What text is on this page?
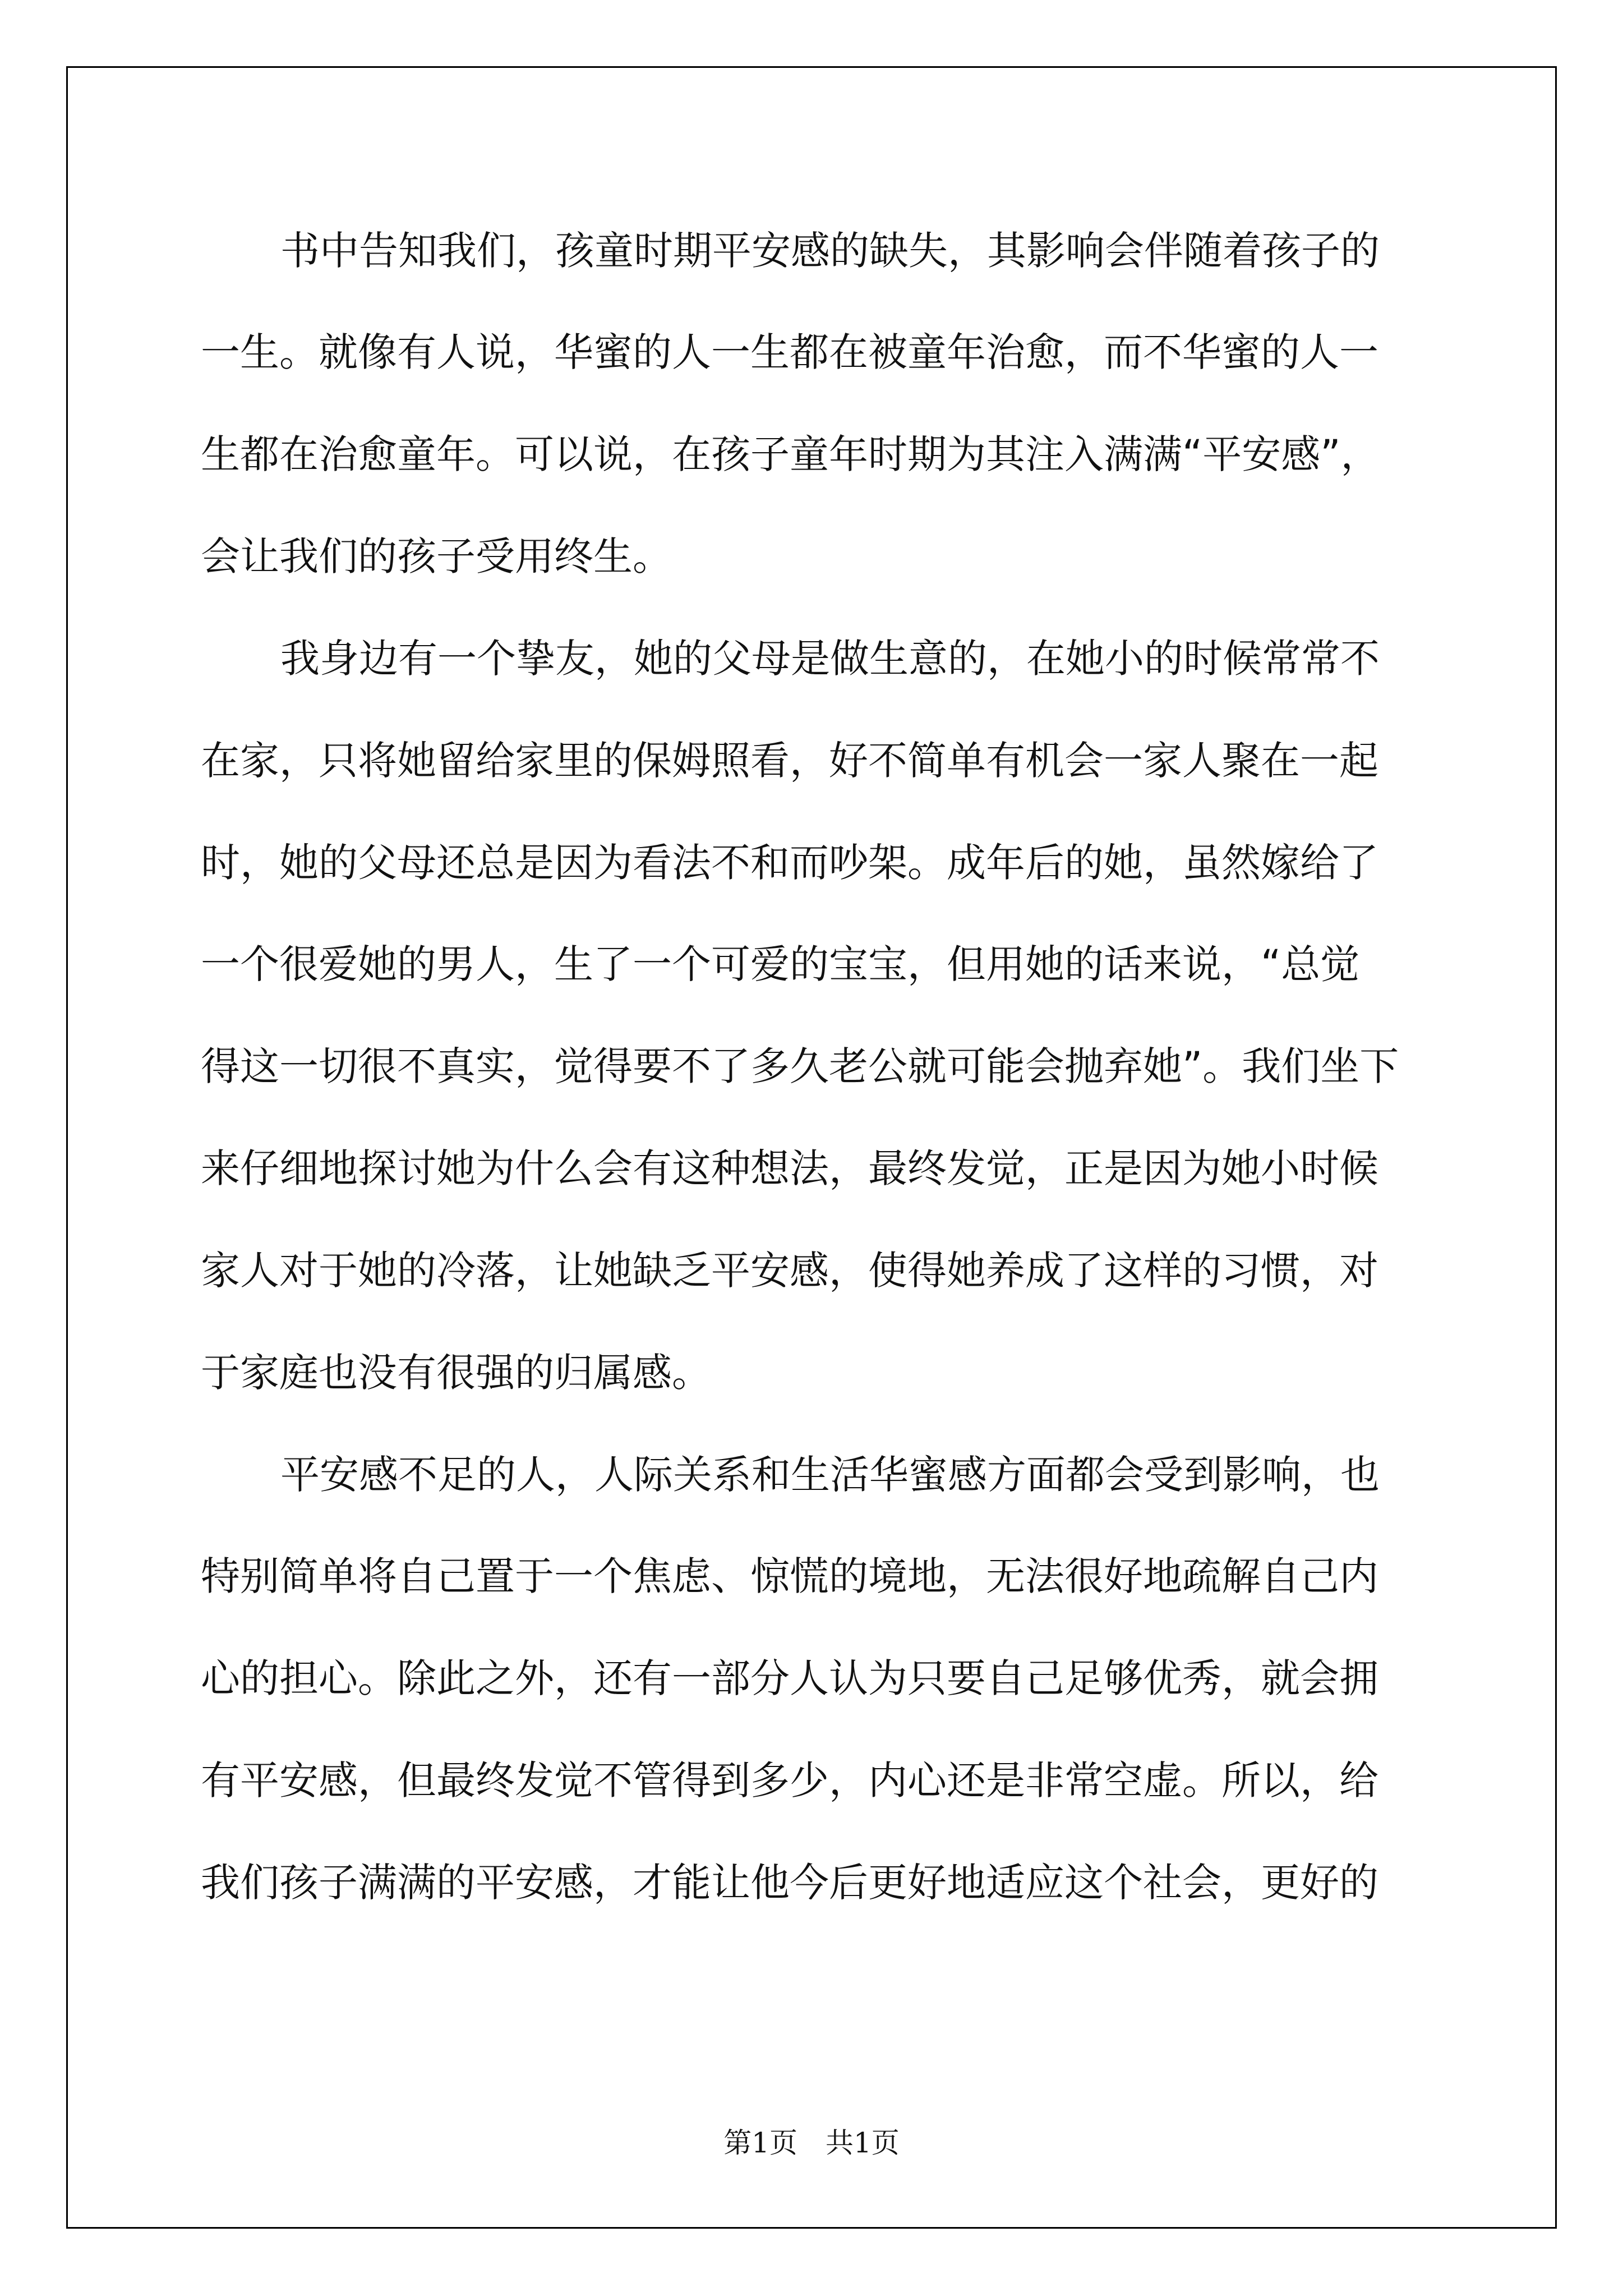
书中告知我们，孩童时期平安感的缺失，其影响会伴随着孩子的
一生。就像有人说，华蜜的人一生都在被童年治愈，而不华蜜的人一
生都在治愈童年。可以说，在孩子童年时期为其注入满满“平安感”，
会让我们的孩子受用终生。
我身边有一个挚友，她的父母是做生意的，在她小的时候常常不
在家，只将她留给家里的保姆照看，好不简单有机会一家人聚在一起
时，她的父母还总是因为看法不和而吵架。成年后的她，虽然嫁给了
一个很爱她的男人，生了一个可爱的宝宝，但用她的话来说，“总觉
得这一切很不真实，觉得要不了多久老公就可能会抛弃她”。我们坐下
来仔细地探讨她为什么会有这种想法，最终发觉，正是因为她小时候
家人对于她的冷落，让她缺乏平安感，使得她养成了这样的习惯，对
于家庭也没有很强的归属感。
平安感不足的人，人际关系和生活华蜜感方面都会受到影响，也
特别简单将自己置于一个焦虑、惊慌的境地，无法很好地疏解自己内
心的担心。除此之外，还有一部分人认为只要自己足够优秀，就会拥
有平安感，但最终发觉不管得到多少，内心还是非常空虚。所以，给
我们孩子满满的平安感，才能让他今后更好地适应这个社会，更好的
第1页　共1页
